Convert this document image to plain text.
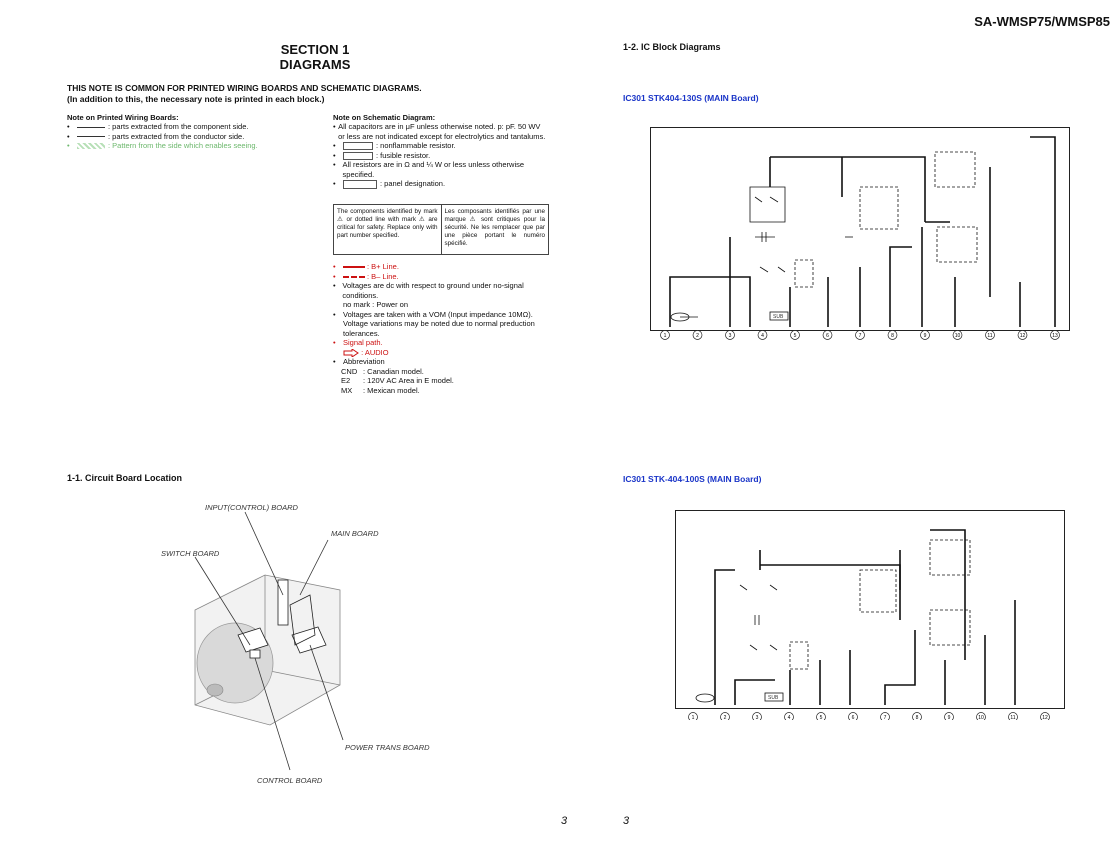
SA-WMSP75/WMSP85
SECTION 1
DIAGRAMS
THIS NOTE IS COMMON FOR PRINTED WIRING BOARDS AND SCHEMATIC DIAGRAMS.
(In addition to this, the necessary note is printed in each block.)
Note on Printed Wiring Boards:
•	: parts extracted from the component side.
•	: parts extracted from the conductor side.
•	: Pattern from the side which enables seeing.
Note on Schematic Diagram:
• All capacitors are in μF unless otherwise noted. p: pF. 50 WV or less are not indicated except for electrolytics and tantalums.
•	: nonflammable resistor.
•	: fusible resistor.
• All resistors are in Ω and ¼ W or less unless otherwise specified.
•	: panel designation.
The components identified by mark ⚠ or dotted line with mark ⚠ are critical for safety. Replace only with part number specified.
Les composants identifiés par une marque ⚠ sont critiques pour la sécurité. Ne les remplacer que par une pièce portant le numéro spécifié.
•	: B+ Line.
•	: B– Line.
• Voltages are dc with respect to ground under no-signal conditions.
no mark : Power on
• Voltages are taken with a VOM (Input impedance 10MΩ).
Voltage variations may be noted due to normal preduction tolerances.
• Signal path.
: AUDIO
• Abbreviation
CND : Canadian model.
E2 : 120V AC Area in E model.
MX : Mexican model.
1-1. Circuit Board Location
INPUT(CONTROL) BOARD
MAIN BOARD
SWITCH BOARD
POWER TRANS BOARD
CONTROL BOARD
1-2. IC Block Diagrams
IC301 STK404-130S (MAIN Board)
IC301 STK-404-100S (MAIN Board)
SUB
1	2	3	4	5	6	7	8	9	10	11	12	13
SUB
1	2	3	4	5	6	7	8	9	10	11	12
3	3
